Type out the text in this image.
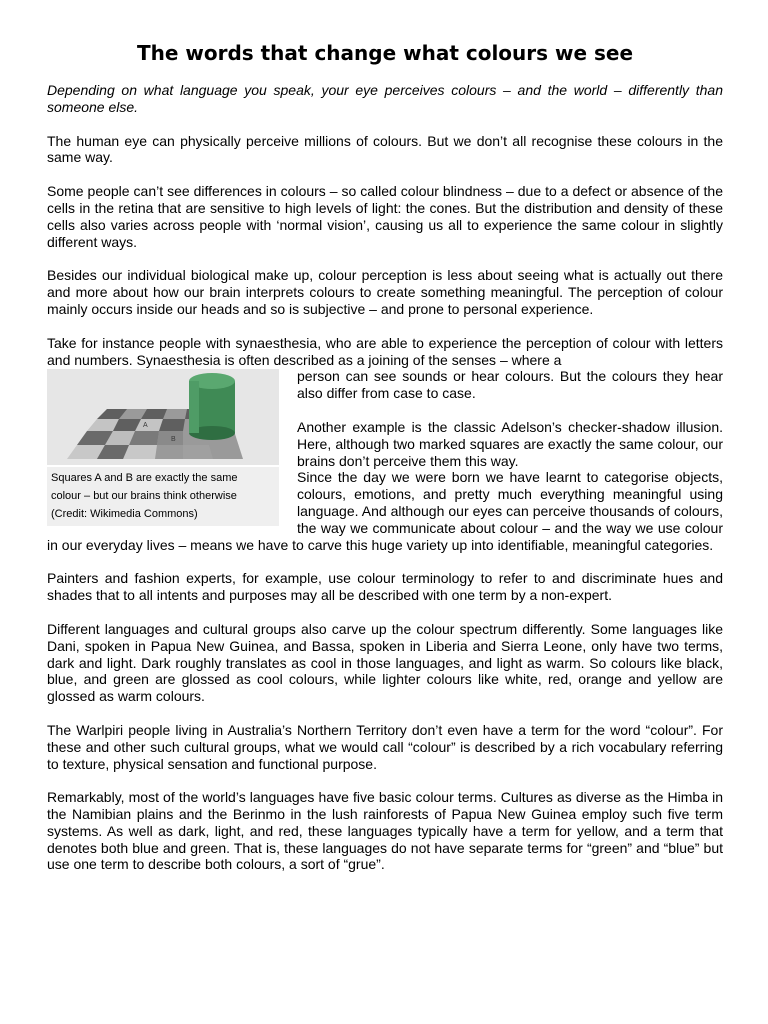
The words that change what colours we see

Depending on what language you speak, your eye perceives colours – and the world – differently than someone else.

The human eye can physically perceive millions of colours. But we don’t all recognise these colours in the same way.

Some people can’t see differences in colours – so called colour blindness – due to a defect or absence of the cells in the retina that are sensitive to high levels of light: the cones. But the distribution and density of these cells also varies across people with ‘normal vision’, causing us all to experience the same colour in slightly different ways.

Besides our individual biological make up, colour perception is less about seeing what is actually out there and more about how our brain interprets colours to create something meaningful. The perception of colour mainly occurs inside our heads and so is subjective – and prone to personal experience.

Take for instance people with synaesthesia, who are able to experience the perception of colour with letters and numbers. Synaesthesia is often described as a joining of the senses – where a

A
B
Squares A and B are exactly the same
colour – but our brains think otherwise
(Credit: Wikimedia Commons)

person can see sounds or hear colours. But the colours they hear also differ from case to case.

Another example is the classic Adelson’s checker-shadow illusion. Here, although two marked squares are exactly the same colour, our brains don’t perceive them this way.

Since the day we were born we have learnt to categorise objects, colours, emotions, and pretty much everything meaningful using language. And although our eyes can perceive thousands of colours, the way we communicate about colour – and the way we use colour in our everyday lives – means we have to carve this huge variety up into identifiable, meaningful categories.

Painters and fashion experts, for example, use colour terminology to refer to and discriminate hues and shades that to all intents and purposes may all be described with one term by a non-expert.

Different languages and cultural groups also carve up the colour spectrum differently. Some languages like Dani, spoken in Papua New Guinea, and Bassa, spoken in Liberia and Sierra Leone, only have two terms, dark and light. Dark roughly translates as cool in those languages, and light as warm. So colours like black, blue, and green are glossed as cool colours, while lighter colours like white, red, orange and yellow are glossed as warm colours.

The Warlpiri people living in Australia’s Northern Territory don’t even have a term for the word “colour”. For these and other such cultural groups, what we would call “colour” is described by a rich vocabulary referring to texture, physical sensation and functional purpose.

Remarkably, most of the world’s languages have five basic colour terms. Cultures as diverse as the Himba in the Namibian plains and the Berinmo in the lush rainforests of Papua New Guinea employ such five term systems. As well as dark, light, and red, these languages typically have a term for yellow, and a term that denotes both blue and green. That is, these languages do not have separate terms for “green” and “blue” but use one term to describe both colours, a sort of “grue”.
